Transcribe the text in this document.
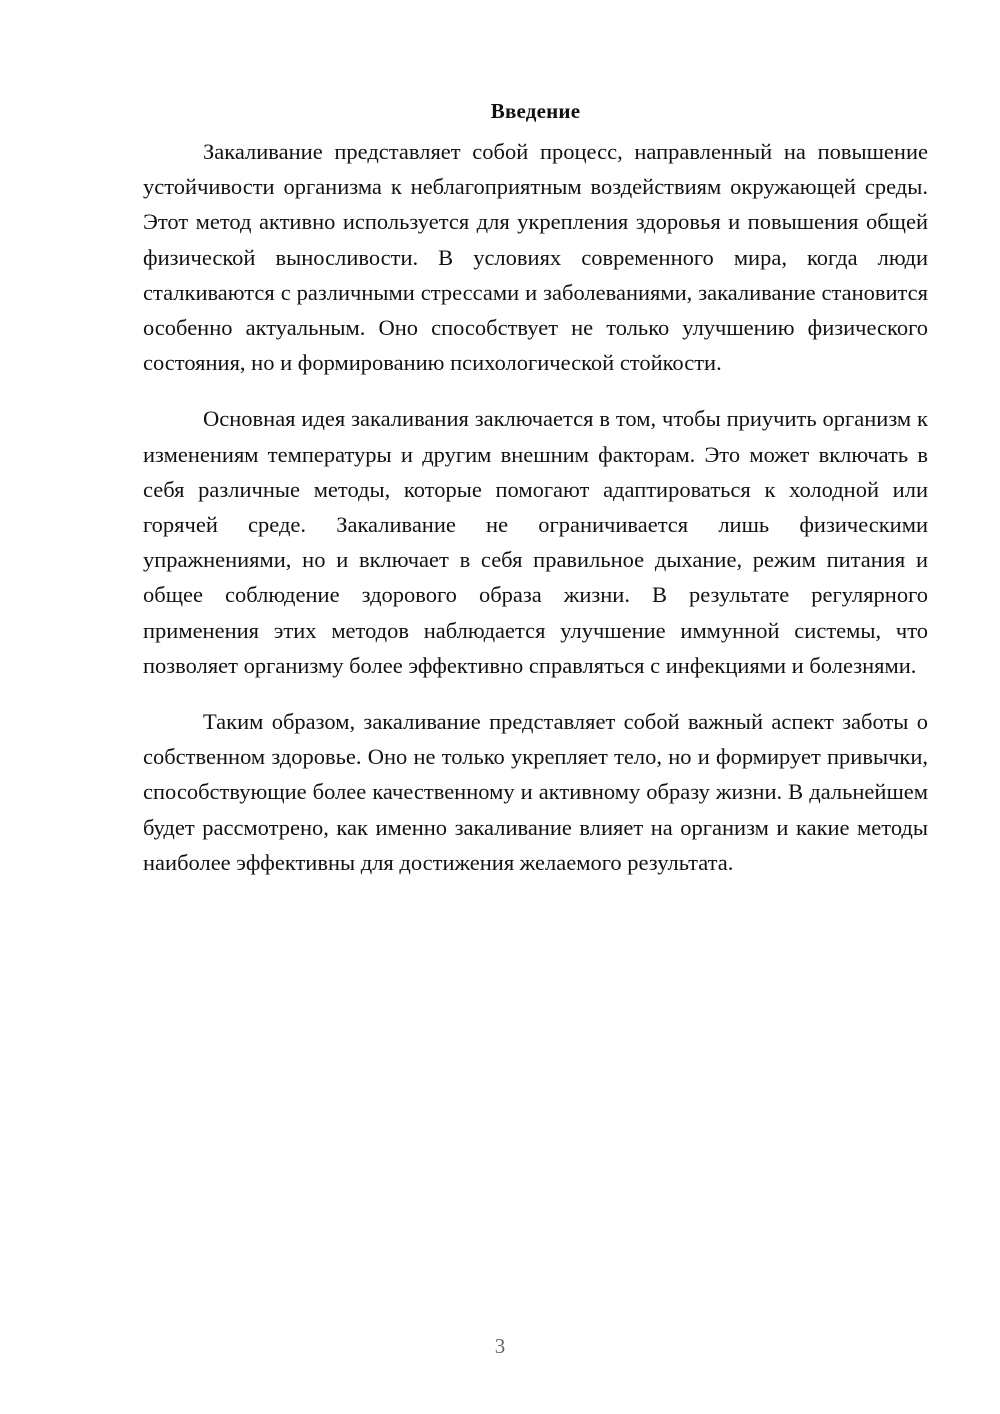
Введение

Закаливание представляет собой процесс, направленный на повышение устойчивости организма к неблагоприятным воздействиям окружающей среды. Этот метод активно используется для укрепления здоровья и повышения общей физической выносливости. В условиях современного мира, когда люди сталкиваются с различными стрессами и заболеваниями, закаливание становится особенно актуальным. Оно способствует не только улучшению физического состояния, но и формированию психологической стойкости.

Основная идея закаливания заключается в том, чтобы приучить организм к изменениям температуры и другим внешним факторам. Это может включать в себя различные методы, которые помогают адаптироваться к холодной или горячей среде. Закаливание не ограничивается лишь физическими упражнениями, но и включает в себя правильное дыхание, режим питания и общее соблюдение здорового образа жизни. В результате регулярного применения этих методов наблюдается улучшение иммунной системы, что позволяет организму более эффективно справляться с инфекциями и болезнями.

Таким образом, закаливание представляет собой важный аспект заботы о собственном здоровье. Оно не только укрепляет тело, но и формирует привычки, способствующие более качественному и активному образу жизни. В дальнейшем будет рассмотрено, как именно закаливание влияет на организм и какие методы наиболее эффективны для достижения желаемого результата.

3
